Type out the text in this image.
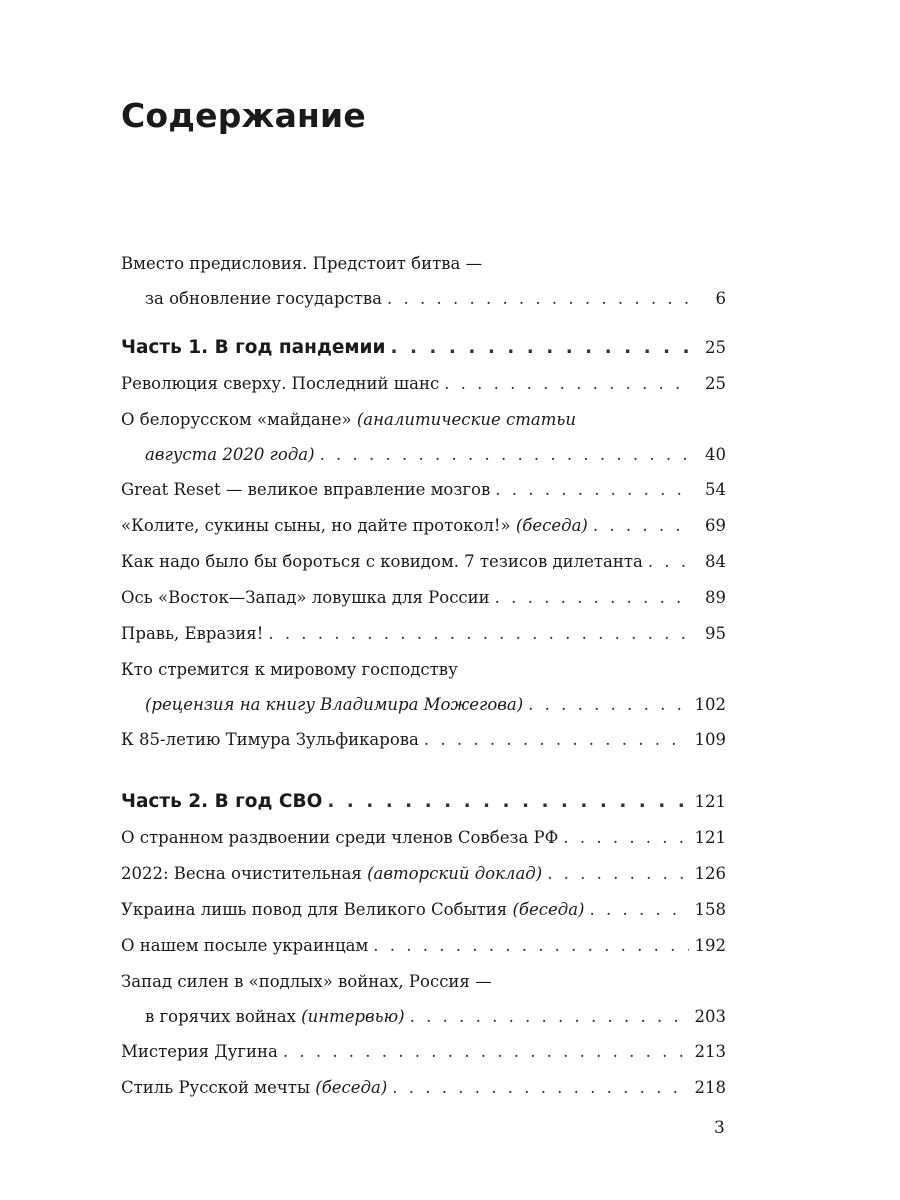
Содержание
Вместо предисловия. Предстоит битва —
за обновление государства . . .	6
Часть 1. В год пандемии . . .	25
Революция сверху. Последний шанс . . .	25
О белорусском «майдане» (аналитические статьи
августа 2020 года) . . .	40
Great Reset — великое вправление мозгов . . .	54
«Колите, сукины сыны, но дайте протокол!» (беседа) . . .	69
Как надо было бы бороться с ковидом. 7 тезисов дилетанта . . .	84
Ось «Восток—Запад» ловушка для России . . .	89
Правь, Евразия! . . .	95
Кто стремится к мировому господству
(рецензия на книгу Владимира Можегова) . . .	102
К 85-летию Тимура Зульфикарова . . .	109
Часть 2. В год СВО . . .	121
О странном раздвоении среди членов Совбеза РФ . . .	121
2022: Весна очистительная (авторский доклад) . . .	126
Украина лишь повод для Великого События (беседа) . . .	158
О нашем посыле украинцам . . .	192
Запад силен в «подлых» войнах, Россия —
в горячих войнах (интервью) . . .	203
Мистерия Дугина . . .	213
Стиль Русской мечты (беседа) . . .	218
3
